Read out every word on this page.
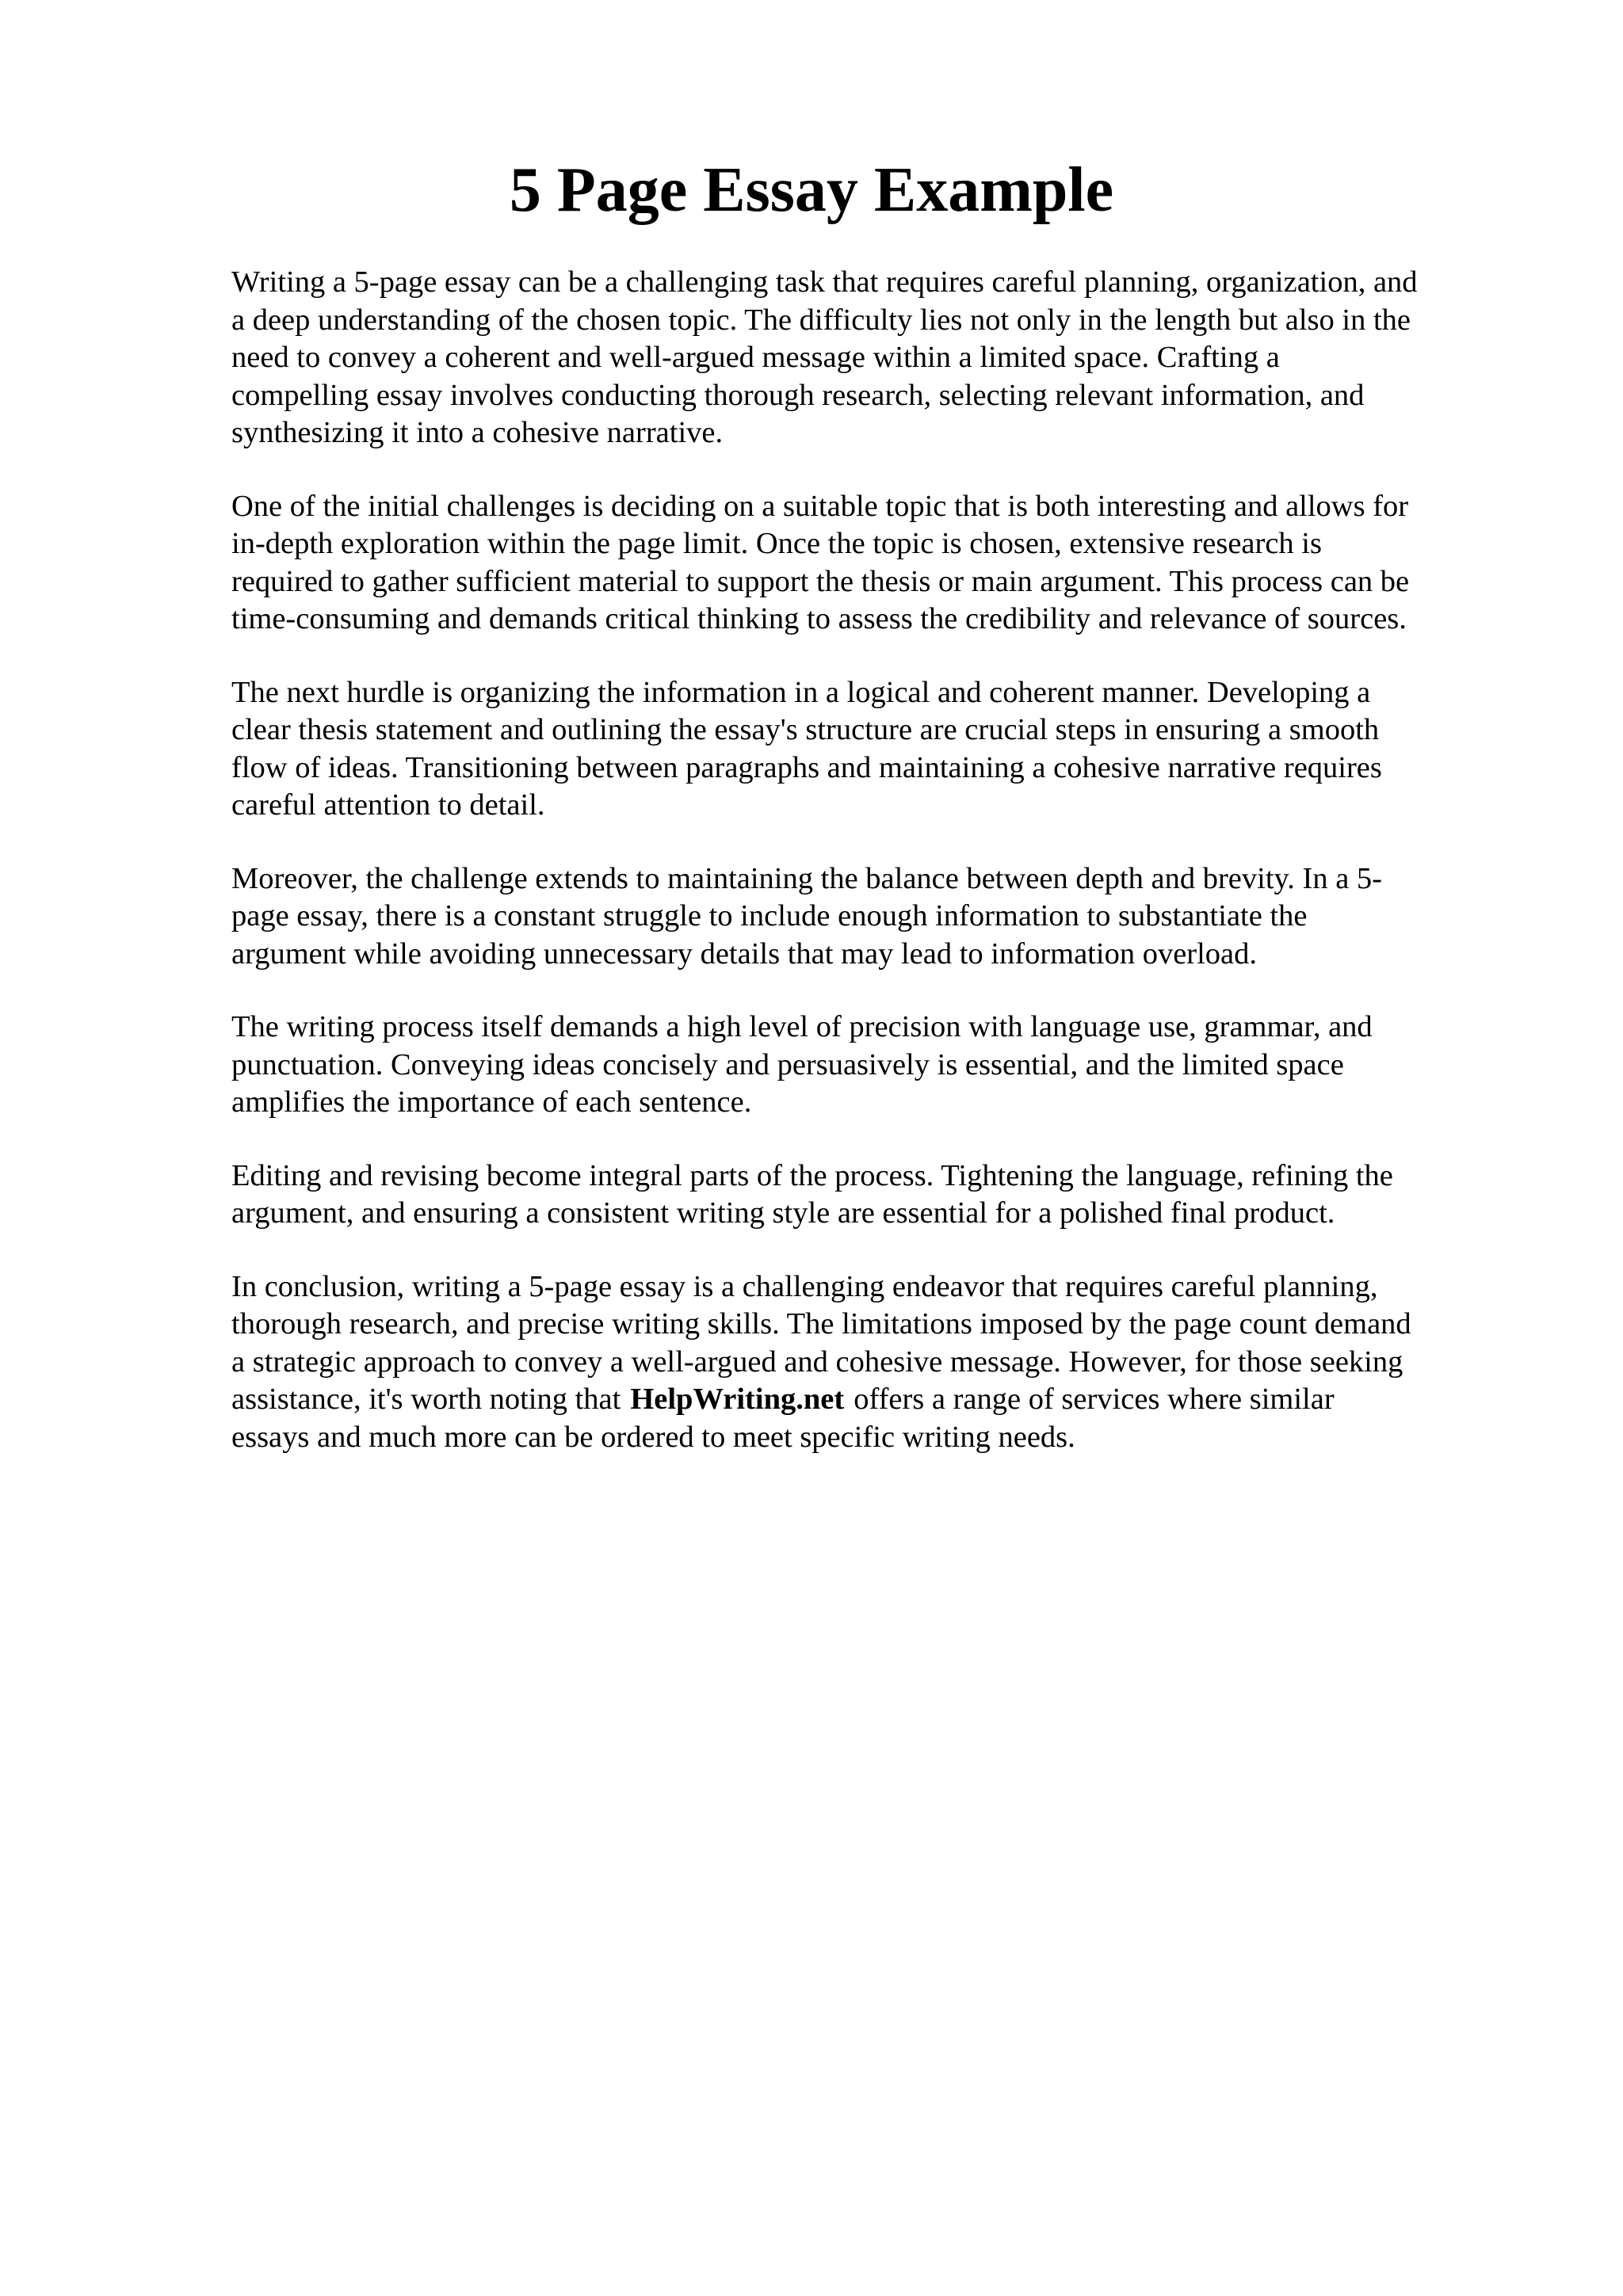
5 Page Essay Example

Writing a 5-page essay can be a challenging task that requires careful planning, organization, and
a deep understanding of the chosen topic. The difficulty lies not only in the length but also in the
need to convey a coherent and well-argued message within a limited space. Crafting a
compelling essay involves conducting thorough research, selecting relevant information, and
synthesizing it into a cohesive narrative.

One of the initial challenges is deciding on a suitable topic that is both interesting and allows for
in-depth exploration within the page limit. Once the topic is chosen, extensive research is
required to gather sufficient material to support the thesis or main argument. This process can be
time-consuming and demands critical thinking to assess the credibility and relevance of sources.

The next hurdle is organizing the information in a logical and coherent manner. Developing a
clear thesis statement and outlining the essay's structure are crucial steps in ensuring a smooth
flow of ideas. Transitioning between paragraphs and maintaining a cohesive narrative requires
careful attention to detail.

Moreover, the challenge extends to maintaining the balance between depth and brevity. In a 5-
page essay, there is a constant struggle to include enough information to substantiate the
argument while avoiding unnecessary details that may lead to information overload.

The writing process itself demands a high level of precision with language use, grammar, and
punctuation. Conveying ideas concisely and persuasively is essential, and the limited space
amplifies the importance of each sentence.

Editing and revising become integral parts of the process. Tightening the language, refining the
argument, and ensuring a consistent writing style are essential for a polished final product.

In conclusion, writing a 5-page essay is a challenging endeavor that requires careful planning,
thorough research, and precise writing skills. The limitations imposed by the page count demand
a strategic approach to convey a well-argued and cohesive message. However, for those seeking
assistance, it's worth noting that HelpWriting.net offers a range of services where similar
essays and much more can be ordered to meet specific writing needs.
